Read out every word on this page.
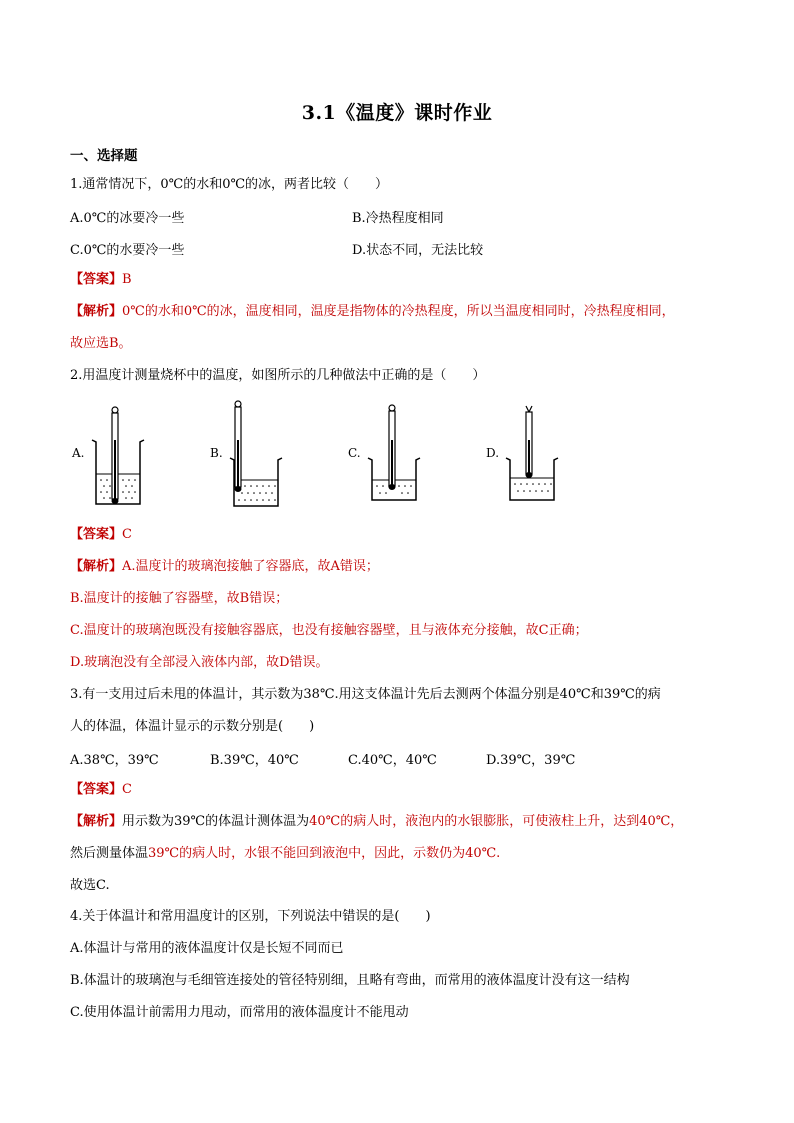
3.1《温度》课时作业
一、选择题
1.通常情况下，0℃的水和0℃的冰，两者比较（　　）
A.0℃的冰要冷一些	B.冷热程度相同
C.0℃的水要冷一些	D.状态不同，无法比较
【答案】B
【解析】0℃的水和0℃的冰，温度相同，温度是指物体的冷热程度，所以当温度相同时，冷热程度相同，
故应选B。
2.用温度计测量烧杯中的温度，如图所示的几种做法中正确的是（　　）
A.	B.	C.	D.
【答案】C
【解析】A.温度计的玻璃泡接触了容器底，故A错误；
B.温度计的接触了容器壁，故B错误；
C.温度计的玻璃泡既没有接触容器底，也没有接触容器壁，且与液体充分接触，故C正确；
D.玻璃泡没有全部浸入液体内部，故D错误。
3.有一支用过后未甩的体温计，其示数为38℃.用这支体温计先后去测两个体温分别是40℃和39℃的病
人的体温，体温计显示的示数分别是(　　)
A.38℃，39℃	B.39℃，40℃	C.40℃，40℃	D.39℃，39℃
【答案】C
【解析】用示数为39℃的体温计测体温为40℃的病人时，液泡内的水银膨胀，可使液柱上升，达到40℃，
然后测量体温39℃的病人时，水银不能回到液泡中，因此，示数仍为40℃.
故选C.
4.关于体温计和常用温度计的区别，下列说法中错误的是(　　)
A.体温计与常用的液体温度计仅是长短不同而已
B.体温计的玻璃泡与毛细管连接处的管径特别细，且略有弯曲，而常用的液体温度计没有这一结构
C.使用体温计前需用力甩动，而常用的液体温度计不能甩动
